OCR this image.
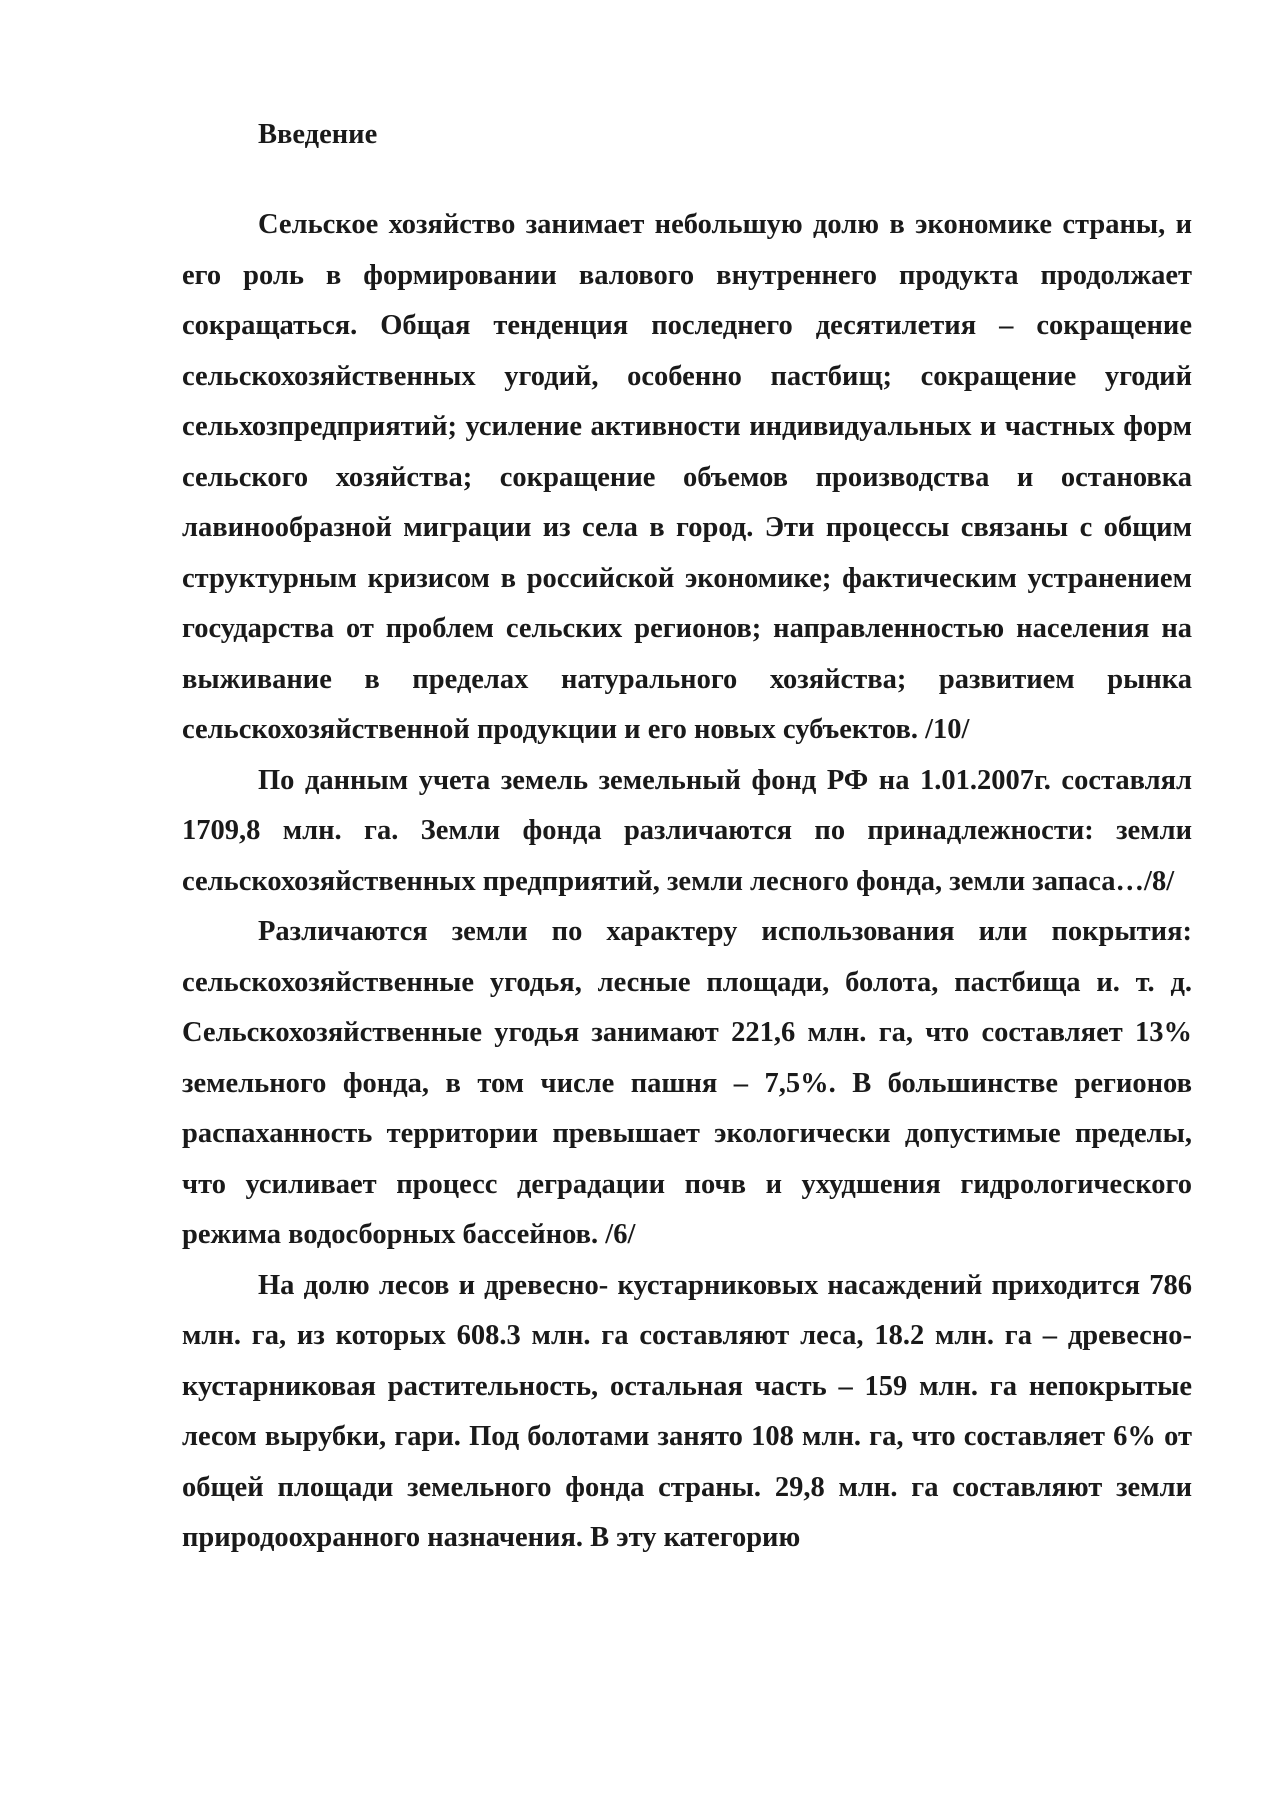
Введение

Сельское хозяйство занимает небольшую долю в экономике страны, и его роль в формировании валового внутреннего продукта продолжает сокращаться. Общая тенденция последнего десятилетия – сокращение сельскохозяйственных угодий, особенно пастбищ; сокращение угодий сельхозпредприятий; усиление активности индивидуальных и частных форм сельского хозяйства; сокращение объемов производства и остановка лавинообразной миграции из села в город. Эти процессы связаны с общим структурным кризисом в российской экономике; фактическим устранением государства от проблем сельских регионов; направленностью населения на выживание в пределах натурального хозяйства; развитием рынка сельскохозяйственной продукции и его новых субъектов. /10/

По данным учета земель земельный фонд РФ на 1.01.2007г. составлял 1709,8 млн. га. Земли фонда различаются по принадлежности: земли сельскохозяйственных предприятий, земли лесного фонда, земли запаса…/8/

Различаются земли по характеру использования или покрытия: сельскохозяйственные угодья, лесные площади, болота, пастбища и. т. д. Сельскохозяйственные угодья занимают 221,6 млн. га, что составляет 13% земельного фонда, в том числе пашня – 7,5%. В большинстве регионов распаханность территории превышает экологически допустимые пределы, что усиливает процесс деградации почв и ухудшения гидрологического режима водосборных бассейнов. /6/

На долю лесов и древесно- кустарниковых насаждений приходится 786 млн. га, из которых 608.3 млн. га составляют леса, 18.2 млн. га – древесно- кустарниковая растительность, остальная часть – 159 млн. га непокрытые лесом вырубки, гари. Под болотами занято 108 млн. га, что составляет 6% от общей площади земельного фонда страны. 29,8 млн. га составляют земли природоохранного назначения. В эту категорию
